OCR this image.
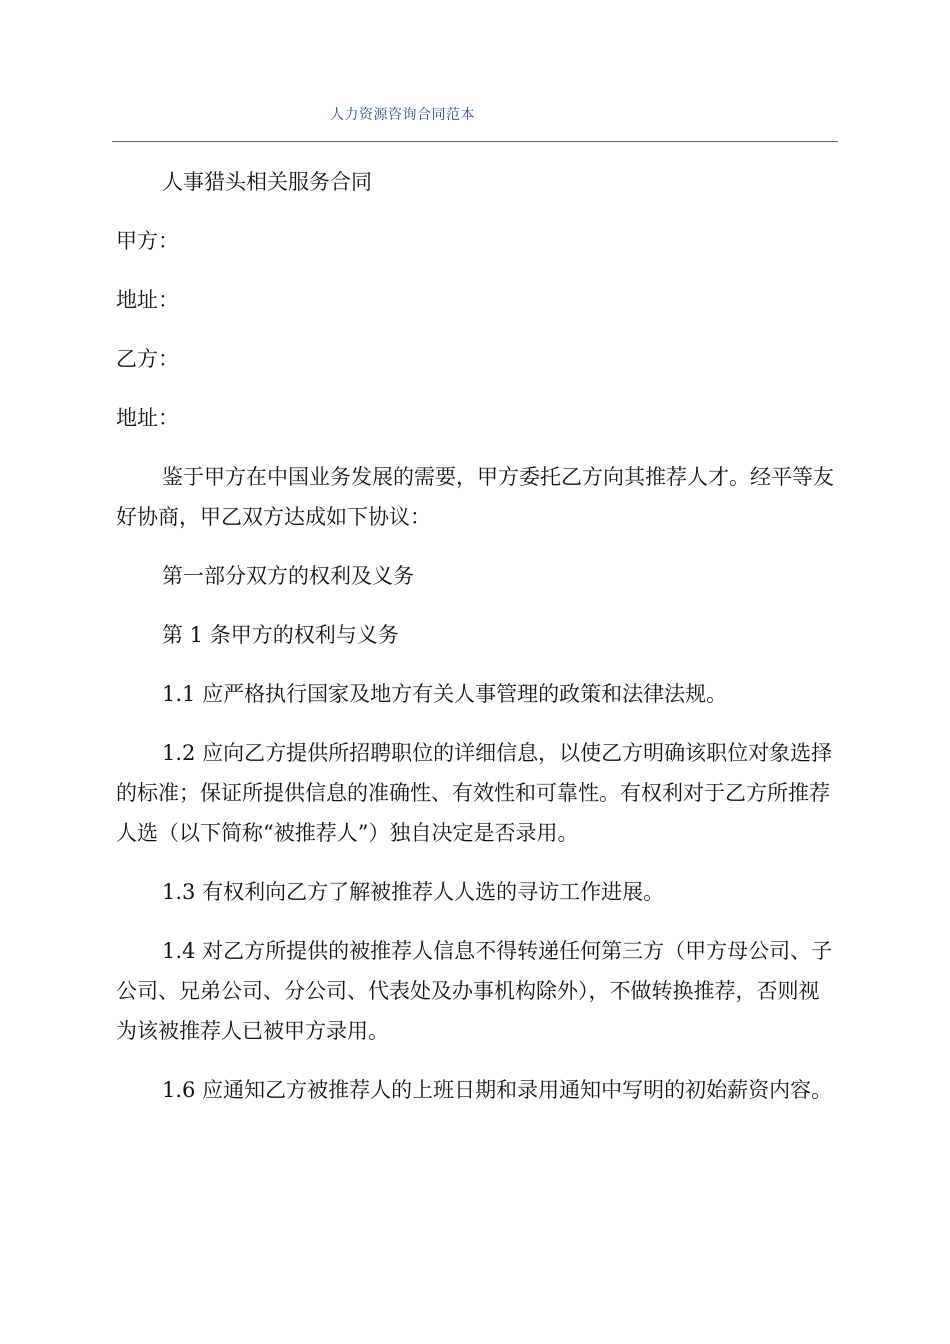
人力资源咨询合同范本

人事猎头相关服务合同

甲方：

地址：

乙方：

地址：

鉴于甲方在中国业务发展的需要，甲方委托乙方向其推荐人才。经平等友好协商，甲乙双方达成如下协议：

第一部分双方的权利及义务

第 1 条甲方的权利与义务

1.1 应严格执行国家及地方有关人事管理的政策和法律法规。

1.2 应向乙方提供所招聘职位的详细信息，以使乙方明确该职位对象选择的标准；保证所提供信息的准确性、有效性和可靠性。有权利对于乙方所推荐人选（以下简称“被推荐人”）独自决定是否录用。

1.3 有权利向乙方了解被推荐人人选的寻访工作进展。

1.4 对乙方所提供的被推荐人信息不得转递任何第三方（甲方母公司、子公司、兄弟公司、分公司、代表处及办事机构除外），不做转换推荐，否则视为该被推荐人已被甲方录用。

1.6 应通知乙方被推荐人的上班日期和录用通知中写明的初始薪资内容。
